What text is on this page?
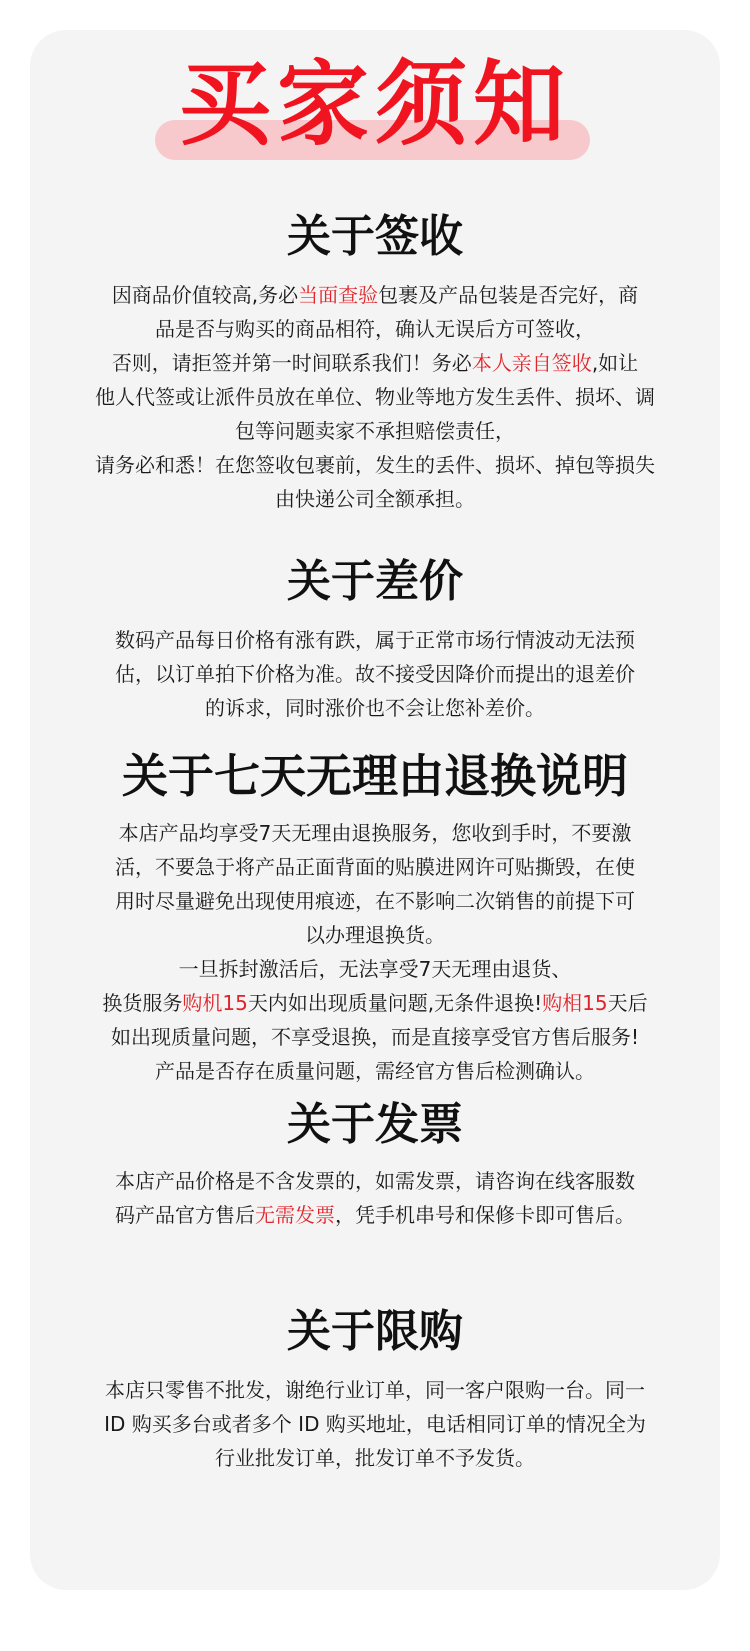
买家须知
关于签收

因商品价值较高,务必当面查验包裹及产品包装是否完好，商

品是否与购买的商品相符，确认无误后方可签收，

否则，请拒签并第一时间联系我们！务必本人亲自签收,如让

他人代签或让派件员放在单位、物业等地方发生丢件、损坏、调

包等问题卖家不承担赔偿责任，

请务必和悉！在您签收包裹前，发生的丢件、损坏、掉包等损失

由快递公司全额承担。

关于差价

数码产品每日价格有涨有跌，属于正常市场行情波动无法预

估，以订单拍下价格为准。故不接受因降价而提出的退差价

的诉求，同时涨价也不会让您补差价。

关于七天无理由退换说明

本店产品均享受7天无理由退换服务，您收到手时，不要激

活，不要急于将产品正面背面的贴膜进网许可贴撕毁，在使

用时尽量避免出现使用痕迹，在不影响二次销售的前提下可

以办理退换货。

一旦拆封激活后，无法享受7天无理由退货、

换货服务购机15天内如出现质量问题,无条件退换!购相15天后

如出现质量问题，不享受退换，而是直接享受官方售后服务!

产品是否存在质量问题，需经官方售后检测确认。

关于发票

本店产品价格是不含发票的，如需发票，请咨询在线客服数

码产品官方售后无需发票，凭手机串号和保修卡即可售后。

关于限购

本店只零售不批发，谢绝行业订单，同一客户限购一台。同一

ID 购买多台或者多个 ID 购买地址，电话相同订单的情况全为

行业批发订单，批发订单不予发货。
